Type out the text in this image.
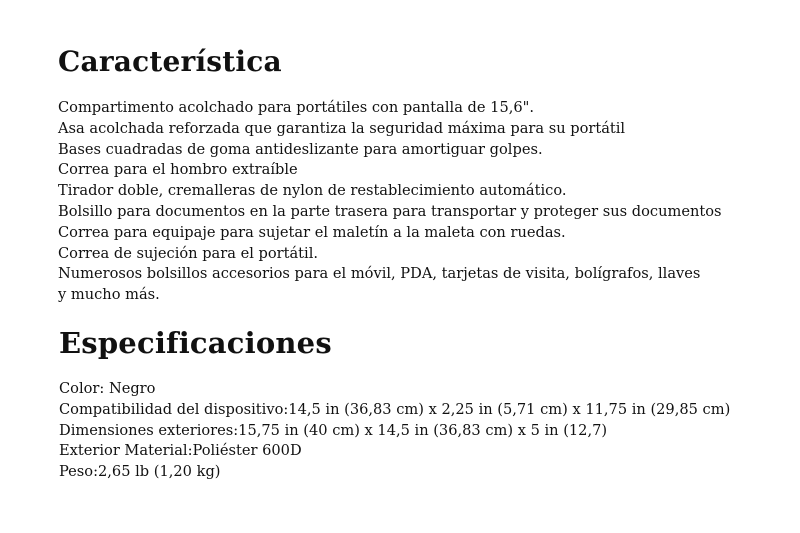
Característica
Compartimento acolchado para portátiles con pantalla de 15,6".
Asa acolchada reforzada que garantiza la seguridad máxima para su portátil
Bases cuadradas de goma antideslizante para amortiguar golpes.
Correa para el hombro extraíble
Tirador doble, cremalleras de nylon de restablecimiento automático.
Bolsillo para documentos en la parte trasera para transportar y proteger sus documentos
Correa para equipaje para sujetar el maletín a la maleta con ruedas.
Correa de sujeción para el portátil.
Numerosos bolsillos accesorios para el móvil, PDA, tarjetas de visita, bolígrafos, llaves
y mucho más.
Especificaciones
Color: Negro
Compatibilidad del dispositivo:14,5 in (36,83 cm) x 2,25 in (5,71 cm) x 11,75 in (29,85 cm)
Dimensiones exteriores:15,75 in (40 cm) x 14,5 in (36,83 cm) x 5 in (12,7)
Exterior Material:Poliéster 600D
Peso:2,65 lb (1,20 kg)
